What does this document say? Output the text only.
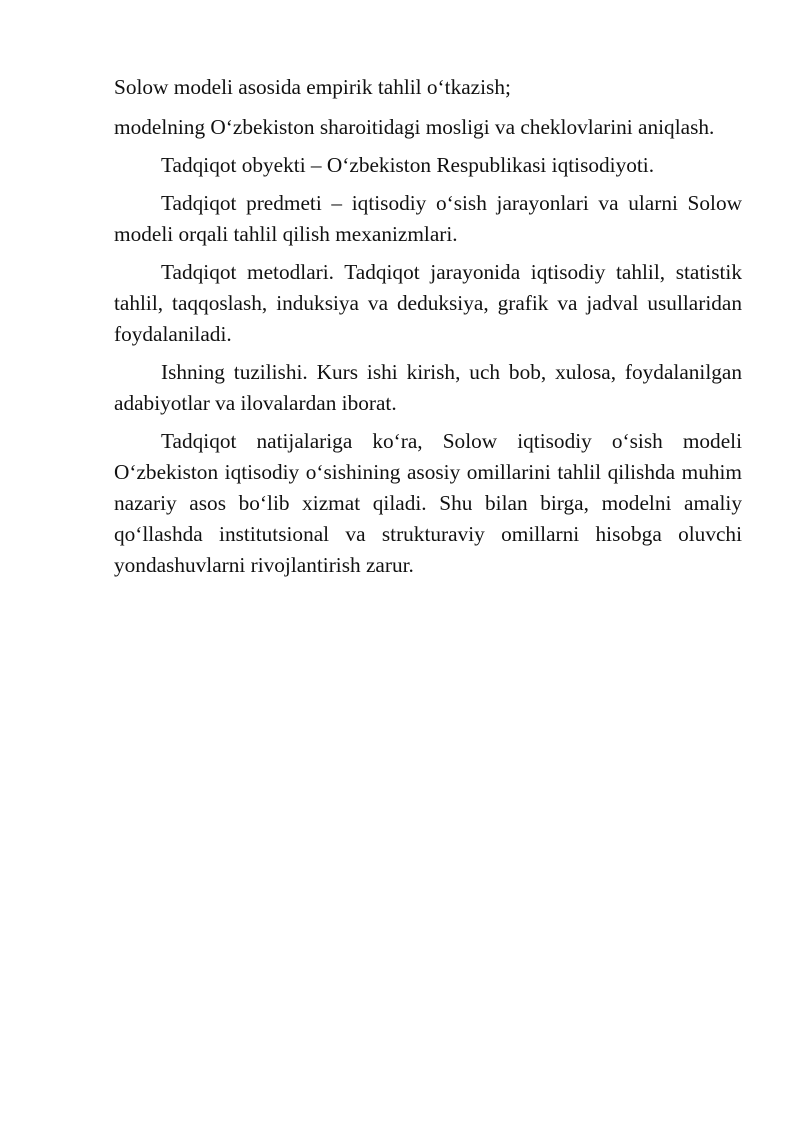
Solow modeli asosida empirik tahlil o‘tkazish;

modelning O‘zbekiston sharoitidagi mosligi va cheklovlarini aniqlash.

Tadqiqot obyekti – O‘zbekiston Respublikasi iqtisodiyoti.

Tadqiqot predmeti – iqtisodiy o‘sish jarayonlari va ularni Solow modeli orqali tahlil qilish mexanizmlari.

Tadqiqot metodlari. Tadqiqot jarayonida iqtisodiy tahlil, statistik tahlil, taqqoslash, induksiya va deduksiya, grafik va jadval usullaridan foydalaniladi.

Ishning tuzilishi. Kurs ishi kirish, uch bob, xulosa, foydalanilgan adabiyotlar va ilovalardan iborat.

Tadqiqot natijalariga ko‘ra, Solow iqtisodiy o‘sish modeli O‘zbekiston iqtisodiy o‘sishining asosiy omillarini tahlil qilishda muhim nazariy asos bo‘lib xizmat qiladi. Shu bilan birga, modelni amaliy qo‘llashda institutsional va strukturaviy omillarni hisobga oluvchi yondashuvlarni rivojlantirish zarur.
